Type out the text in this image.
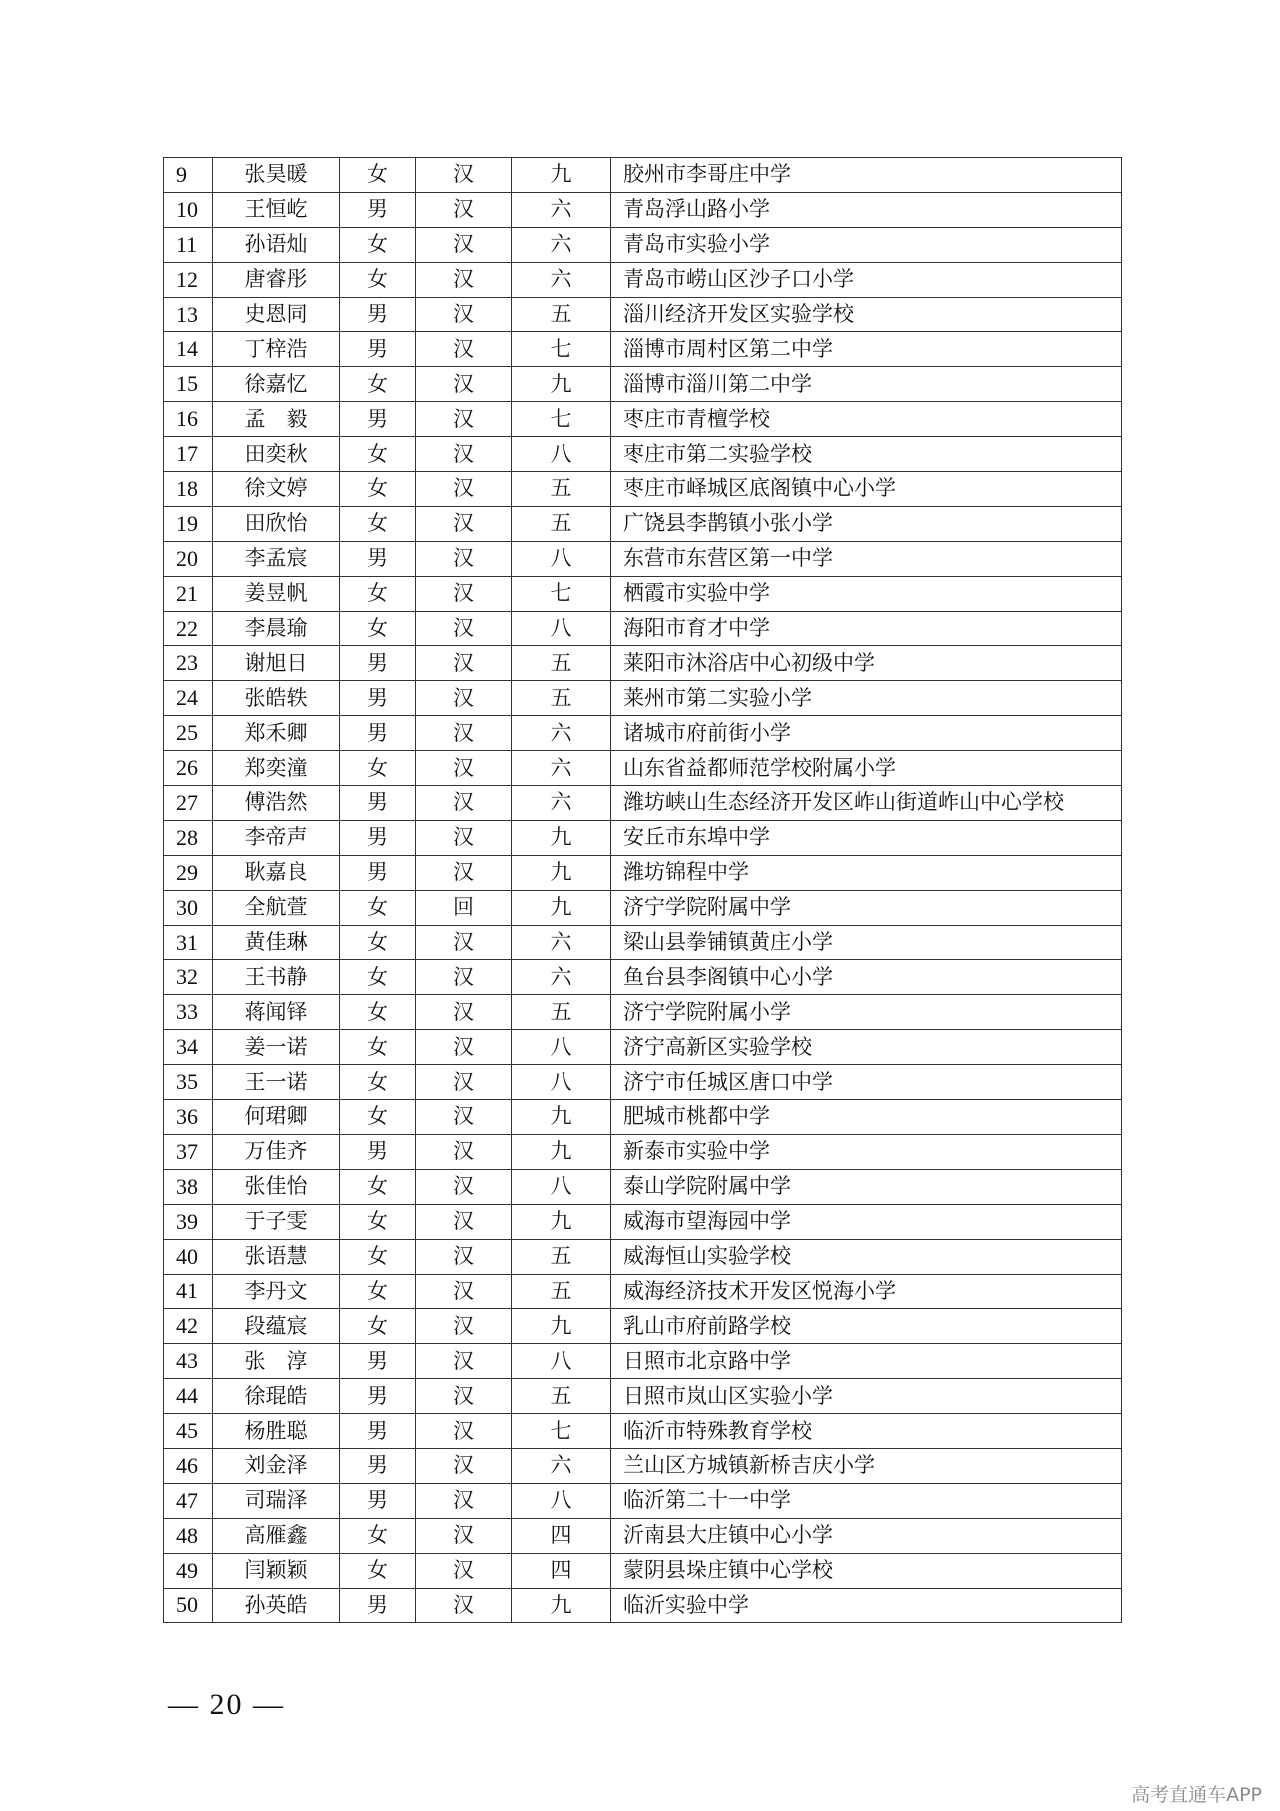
9	张昊暖	女	汉	九	胶州市李哥庄中学
10	王恒屹	男	汉	六	青岛浮山路小学
11	孙语灿	女	汉	六	青岛市实验小学
12	唐睿彤	女	汉	六	青岛市崂山区沙子口小学
13	史恩同	男	汉	五	淄川经济开发区实验学校
14	丁梓浩	男	汉	七	淄博市周村区第二中学
15	徐嘉忆	女	汉	九	淄博市淄川第二中学
16	孟　毅	男	汉	七	枣庄市青檀学校
17	田奕秋	女	汉	八	枣庄市第二实验学校
18	徐文婷	女	汉	五	枣庄市峄城区底阁镇中心小学
19	田欣怡	女	汉	五	广饶县李鹊镇小张小学
20	李孟宸	男	汉	八	东营市东营区第一中学
21	姜昱帆	女	汉	七	栖霞市实验中学
22	李晨瑜	女	汉	八	海阳市育才中学
23	谢旭日	男	汉	五	莱阳市沐浴店中心初级中学
24	张皓轶	男	汉	五	莱州市第二实验小学
25	郑禾卿	男	汉	六	诸城市府前街小学
26	郑奕潼	女	汉	六	山东省益都师范学校附属小学
27	傅浩然	男	汉	六	潍坊峡山生态经济开发区岞山街道岞山中心学校
28	李帝声	男	汉	九	安丘市东埠中学
29	耿嘉良	男	汉	九	潍坊锦程中学
30	全航萱	女	回	九	济宁学院附属中学
31	黄佳琳	女	汉	六	梁山县拳铺镇黄庄小学
32	王书静	女	汉	六	鱼台县李阁镇中心小学
33	蒋闻铎	女	汉	五	济宁学院附属小学
34	姜一诺	女	汉	八	济宁高新区实验学校
35	王一诺	女	汉	八	济宁市任城区唐口中学
36	何珺卿	女	汉	九	肥城市桃都中学
37	万佳齐	男	汉	九	新泰市实验中学
38	张佳怡	女	汉	八	泰山学院附属中学
39	于子雯	女	汉	九	威海市望海园中学
40	张语慧	女	汉	五	威海恒山实验学校
41	李丹文	女	汉	五	威海经济技术开发区悦海小学
42	段蕴宸	女	汉	九	乳山市府前路学校
43	张　淳	男	汉	八	日照市北京路中学
44	徐琨皓	男	汉	五	日照市岚山区实验小学
45	杨胜聪	男	汉	七	临沂市特殊教育学校
46	刘金泽	男	汉	六	兰山区方城镇新桥吉庆小学
47	司瑞泽	男	汉	八	临沂第二十一中学
48	高雁鑫	女	汉	四	沂南县大庄镇中心小学
49	闫颖颖	女	汉	四	蒙阴县垛庄镇中心学校
50	孙英皓	男	汉	九	临沂实验中学
— 20 —
高考直通车APP
